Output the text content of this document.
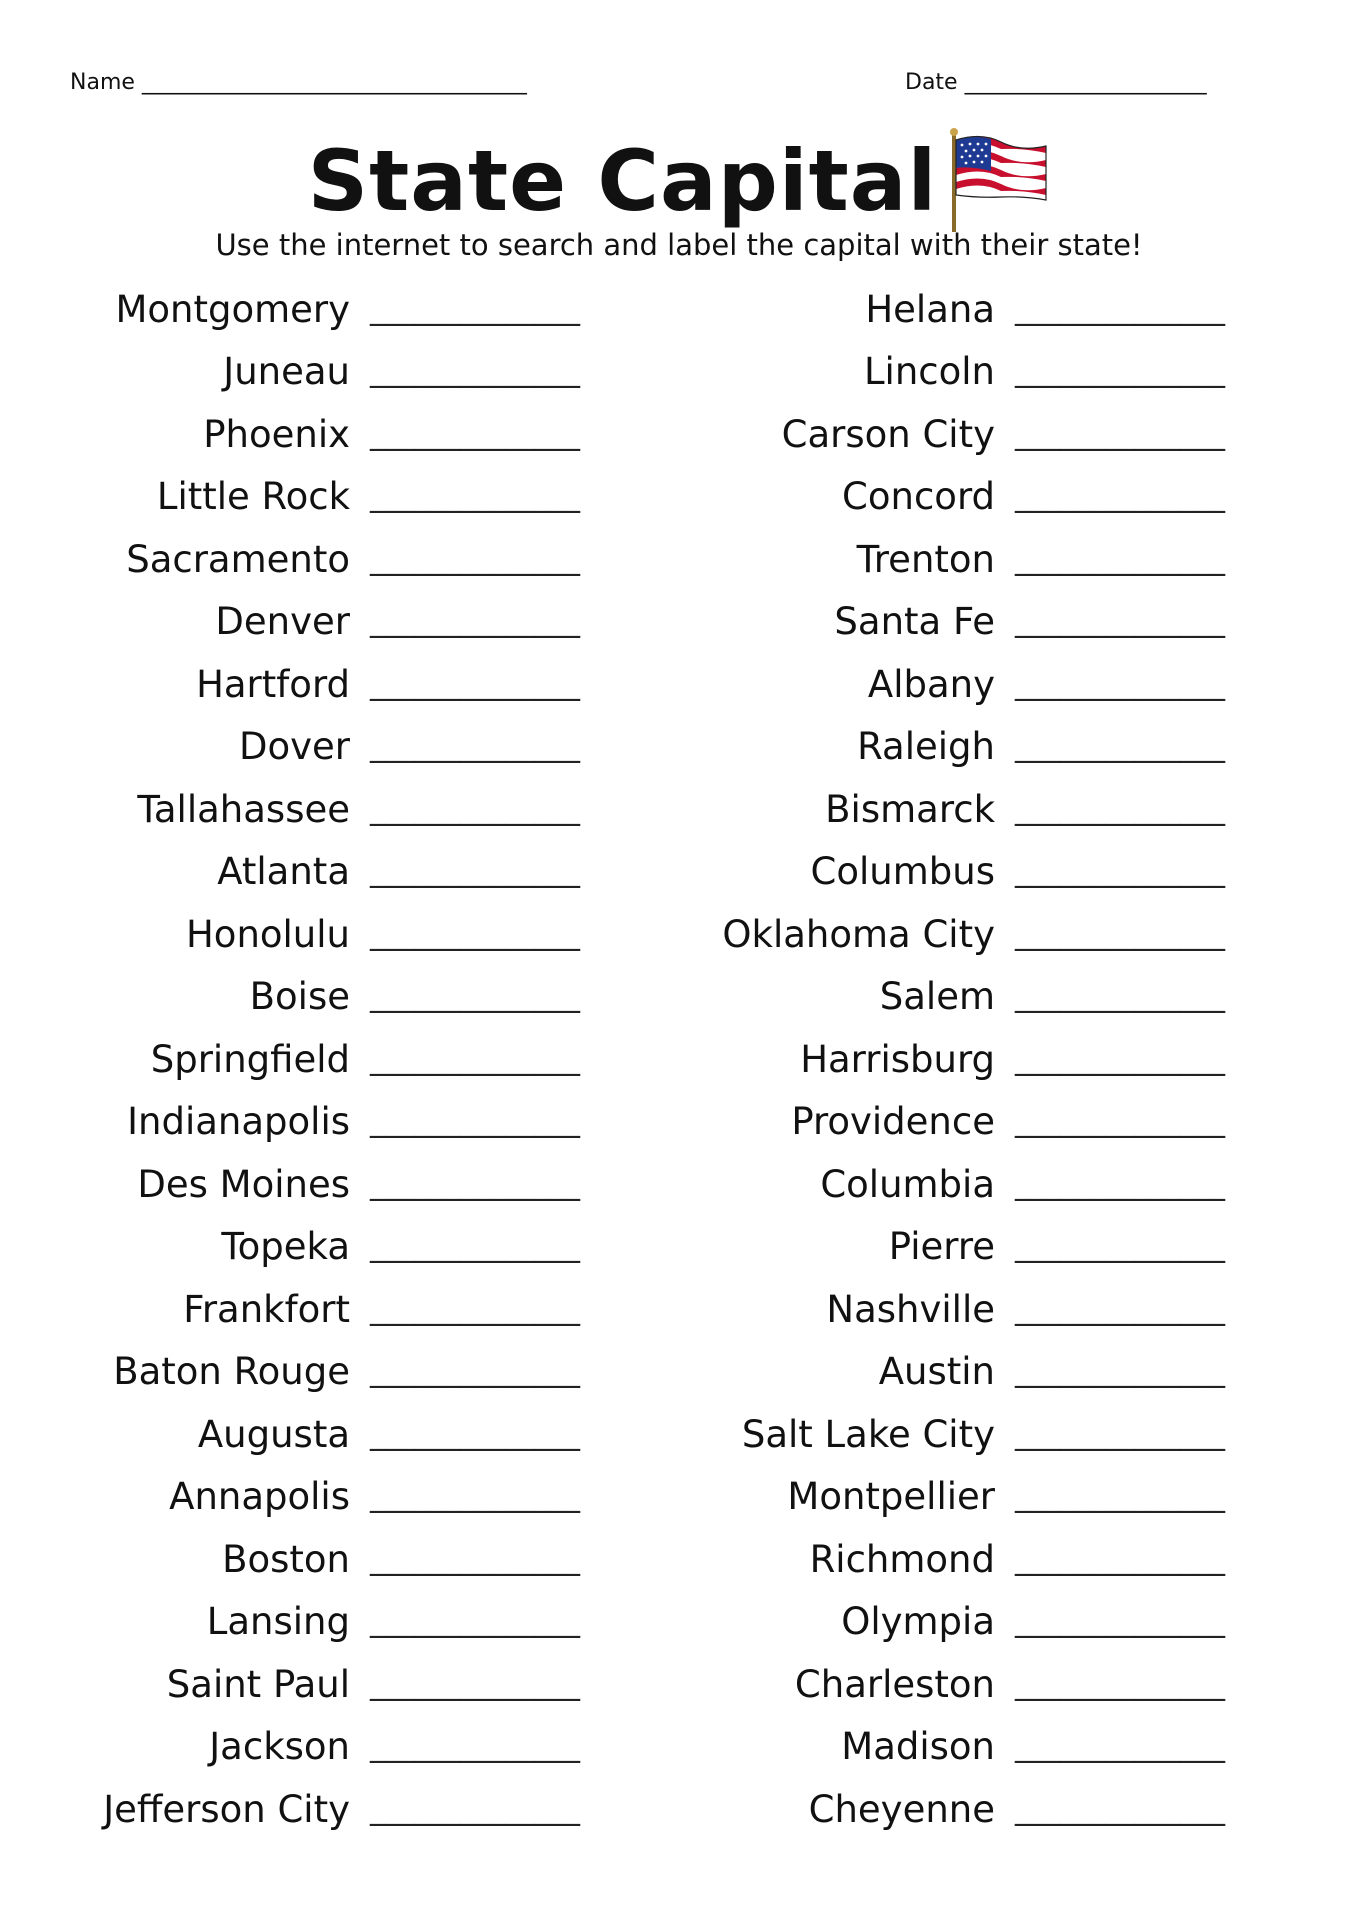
Name ___________________________________	Date ______________________
State Capital
Use the internet to search and label the capital with their state!
Montgomery ______________
Juneau ______________
Phoenix ______________
Little Rock ______________
Sacramento ______________
Denver ______________
Hartford ______________
Dover ______________
Tallahassee ______________
Atlanta ______________
Honolulu ______________
Boise ______________
Springfield ______________
Indianapolis ______________
Des Moines ______________
Topeka ______________
Frankfort ______________
Baton Rouge ______________
Augusta ______________
Annapolis ______________
Boston ______________
Lansing ______________
Saint Paul ______________
Jackson ______________
Jefferson City ______________
Helana ______________
Lincoln ______________
Carson City ______________
Concord ______________
Trenton ______________
Santa Fe ______________
Albany ______________
Raleigh ______________
Bismarck ______________
Columbus ______________
Oklahoma City ______________
Salem ______________
Harrisburg ______________
Providence ______________
Columbia ______________
Pierre ______________
Nashville ______________
Austin ______________
Salt Lake City ______________
Montpellier ______________
Richmond ______________
Olympia ______________
Charleston ______________
Madison ______________
Cheyenne ______________
